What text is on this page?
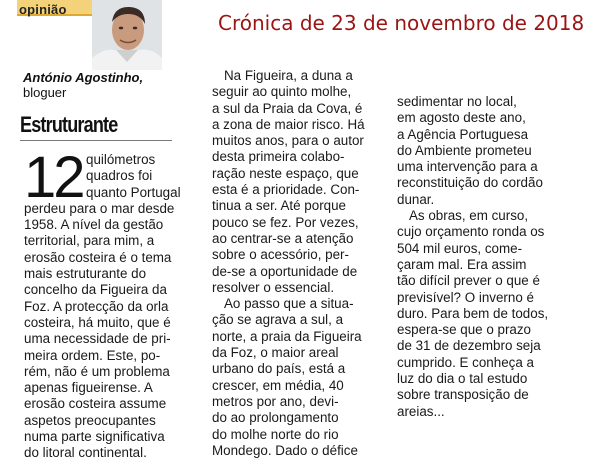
opinião
Crónica de 23 de novembro de 2018
António Agostinho,
bloguer
Estruturante
12 quilómetros
quadros foi
quanto Portugal
perdeu para o mar desde
1958. A nível da gestão
territorial, para mim, a
erosão costeira é o tema
mais estruturante do
concelho da Figueira da
Foz. A protecção da orla
costeira, há muito, que é
uma necessidade de pri-
meira ordem. Este, po-
rém, não é um problema
apenas figueirense. A
erosão costeira assume
aspetos preocupantes
numa parte significativa
do litoral continental.
Na Figueira, a duna a
seguir ao quinto molhe,
a sul da Praia da Cova, é
a zona de maior risco. Há
muitos anos, para o autor
desta primeira colabo-
ração neste espaço, que
esta é a prioridade. Con-
tinua a ser. Até porque
pouco se fez. Por vezes,
ao centrar-se a atenção
sobre o acessório, per-
de-se a oportunidade de
resolver o essencial.
Ao passo que a situa-
ção se agrava a sul, a
norte, a praia da Figueira
da Foz, o maior areal
urbano do país, está a
crescer, em média, 40
metros por ano, devi-
do ao prolongamento
do molhe norte do rio
Mondego. Dado o défice
sedimentar no local,
em agosto deste ano,
a Agência Portuguesa
do Ambiente prometeu
uma intervenção para a
reconstituição do cordão
dunar.
As obras, em curso,
cujo orçamento ronda os
504 mil euros, come-
çaram mal. Era assim
tão difícil prever o que é
previsível? O inverno é
duro. Para bem de todos,
espera-se que o prazo
de 31 de dezembro seja
cumprido. E conheça a
luz do dia o tal estudo
sobre transposição de
areias...
